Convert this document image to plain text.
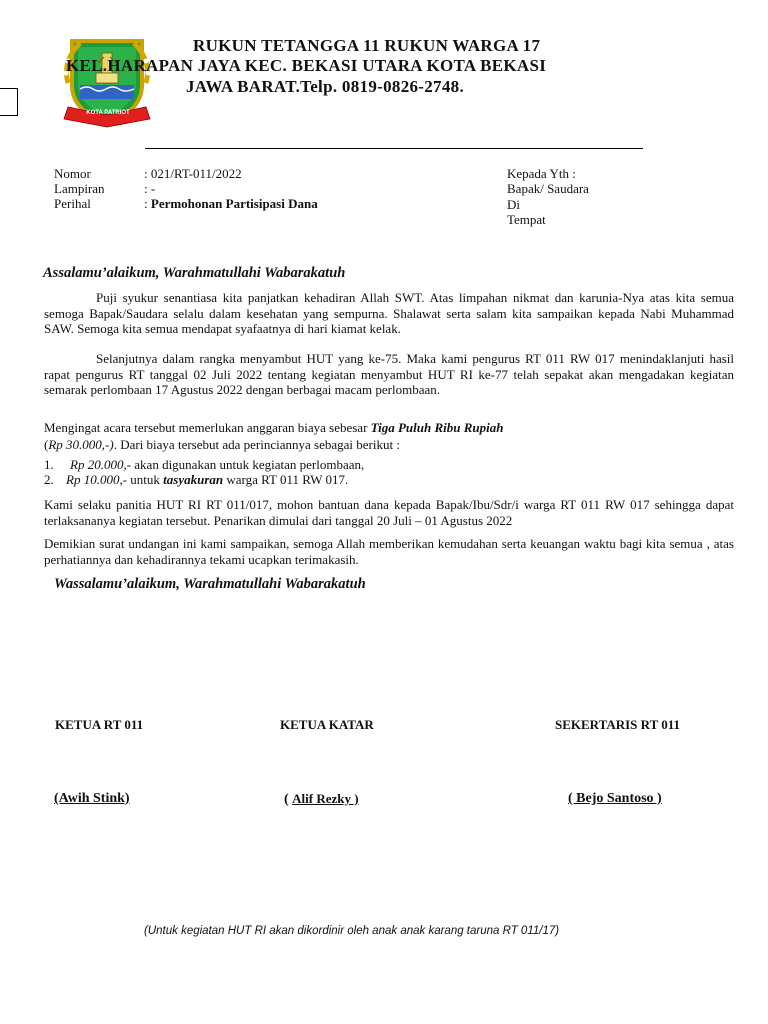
KOTA PATRIOT
RUKUN TETANGGA 11 RUKUN WARGA 17
KEL.HARAPAN JAYA KEC. BEKASI UTARA KOTA BEKASI
JAWA BARAT.Telp. 0819-0826-2748.
Nomor	: 021/RT-011/2022
Lampiran	: -
Perihal	: Permohonan Partisipasi Dana
Kepada Yth :
Bapak/ Saudara
Di
Tempat
Assalamu’alaikum, Warahmatullahi Wabarakatuh
Puji syukur senantiasa kita panjatkan kehadiran Allah SWT. Atas limpahan nikmat dan karunia-Nya atas kita semua semoga Bapak/Saudara selalu dalam kesehatan yang sempurna. Shalawat serta salam kita sampaikan kepada Nabi Muhammad SAW. Semoga kita semua mendapat syafaatnya di hari kiamat kelak.
Selanjutnya dalam rangka menyambut HUT yang ke-75. Maka kami pengurus RT 011 RW 017 menindaklanjuti hasil rapat pengurus RT tanggal 02 Juli 2022 tentang kegiatan menyambut HUT RI ke-77 telah sepakat akan mengadakan kegiatan semarak perlombaan 17 Agustus 2022 dengan berbagai macam perlombaan.
Mengingat acara tersebut memerlukan anggaran biaya sebesar Tiga Puluh Ribu Rupiah
(Rp 30.000,-). Dari biaya tersebut ada perinciannya sebagai berikut :
1. Rp 20.000,- akan digunakan untuk kegiatan perlombaan,
2. Rp 10.000,- untuk tasyakuran warga RT 011 RW 017.
Kami selaku panitia HUT RI RT 011/017, mohon bantuan dana kepada Bapak/Ibu/Sdr/i warga RT 011 RW 017 sehingga dapat terlaksananya kegiatan tersebut. Penarikan dimulai dari tanggal 20 Juli – 01 Agustus 2022
Demikian surat undangan ini kami sampaikan, semoga Allah memberikan kemudahan serta keuangan waktu bagi kita semua , atas perhatiannya dan kehadirannya tekami ucapkan terimakasih.
Wassalamu’alaikum, Warahmatullahi Wabarakatuh
KETUA RT 011	KETUA KATAR	SEKERTARIS RT 011
(Awih Stink)	( Alif Rezky )	( Bejo Santoso )
(Untuk kegiatan HUT RI akan dikordinir oleh anak anak karang taruna RT 011/17)
